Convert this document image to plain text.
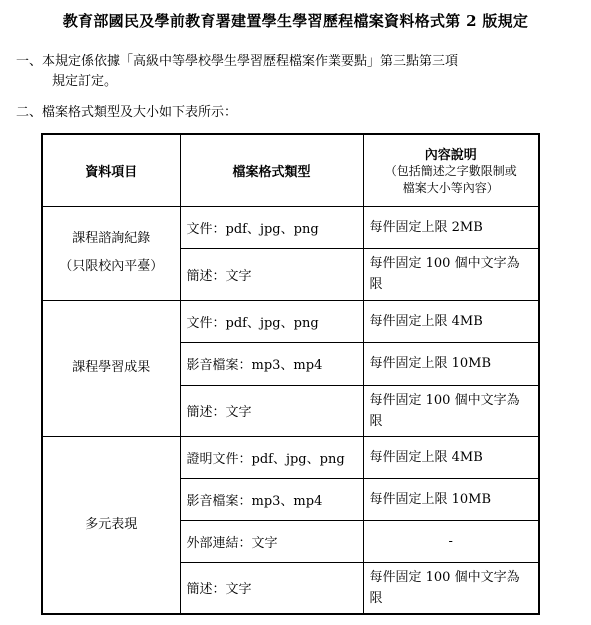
教育部國民及學前教育署建置學生學習歷程檔案資料格式第 2 版規定
一、本規定係依據「高級中等學校學生學習歷程檔案作業要點」第三點第三項
規定訂定。
二、檔案格式類型及大小如下表所示：
資料項目	檔案格式類型	內容說明
（包括簡述之字數限制或
檔案大小等內容）

課程諮詢紀錄
（只限校內平臺）	文件：pdf、jpg、png	每件固定上限 2MB
	簡述：文字	每件固定 100 個中文字為限

課程學習成果	文件：pdf、jpg、png	每件固定上限 4MB
	影音檔案：mp3、mp4	每件固定上限 10MB
	簡述：文字	每件固定 100 個中文字為限

多元表現	證明文件：pdf、jpg、png	每件固定上限 4MB
	影音檔案：mp3、mp4	每件固定上限 10MB
	外部連結：文字	-
	簡述：文字	每件固定 100 個中文字為限
